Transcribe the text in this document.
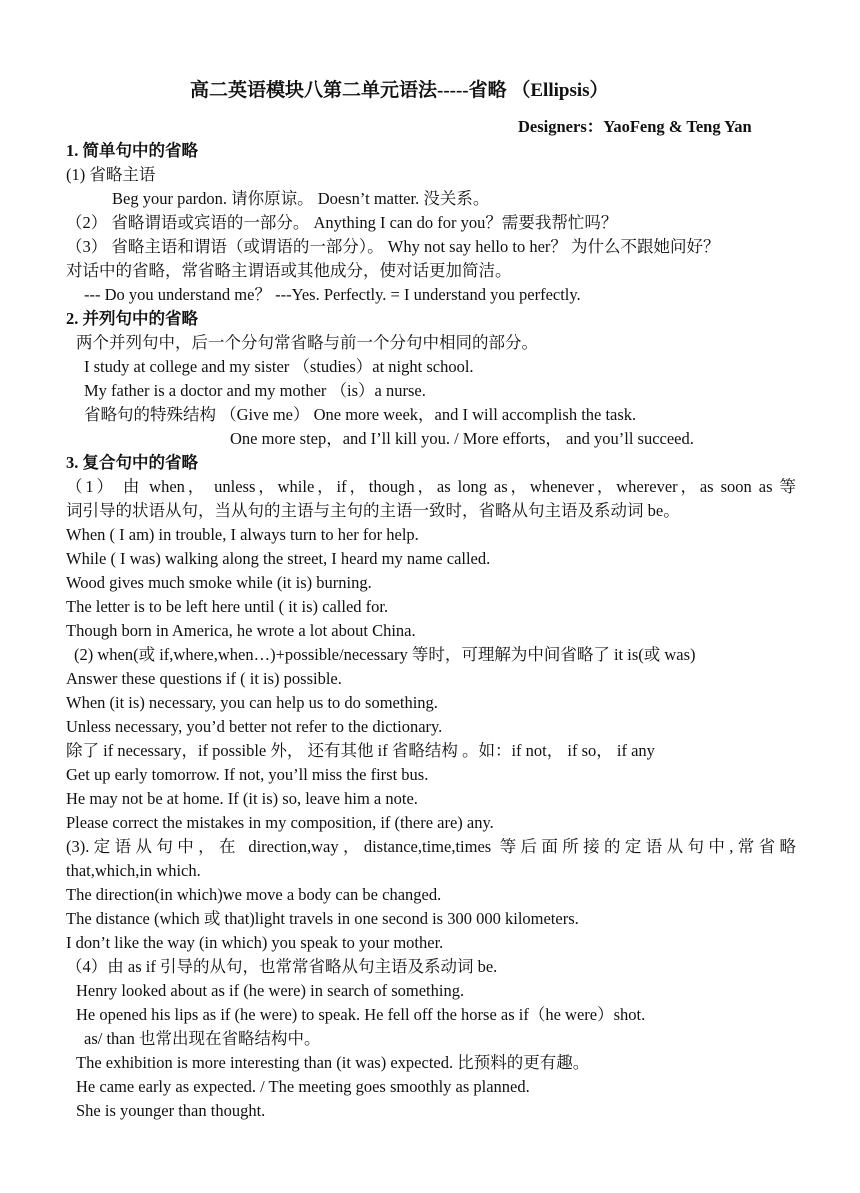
高二英语模块八第二单元语法-----省略 （Ellipsis）
Designers：YaoFeng & Teng Yan
1. 简单句中的省略
(1) 省略主语
Beg your pardon. 请你原谅。 Doesn’t matter. 没关系。
（2） 省略谓语或宾语的一部分。 Anything I can do for you？需要我帮忙吗？
（3） 省略主语和谓语（或谓语的一部分）。 Why not say hello to her？ 为什么不跟她问好？
对话中的省略，常省略主谓语或其他成分，使对话更加简洁。
--- Do you understand me？ ---Yes. Perfectly. = I understand you perfectly.
2. 并列句中的省略
两个并列句中，后一个分句常省略与前一个分句中相同的部分。
I study at college and my sister （studies）at night school.
My father is a doctor and my mother （is）a nurse.
省略句的特殊结构 （Give me） One more week，and I will accomplish the task.
One more step，and I’ll kill you. / More efforts， and you’ll succeed.
3. 复合句中的省略
（1） 由 when， unless，while，if，though，as long as，whenever，wherever，as soon as 等
词引导的状语从句，当从句的主语与主句的主语一致时，省略从句主语及系动词 be。
When ( I am) in trouble, I always turn to her for help.
While ( I was) walking along the street, I heard my name called.
Wood gives much smoke while (it is) burning.
The letter is to be left here until ( it is) called for.
Though born in America, he wrote a lot about China.
(2) when(或 if,where,when…)+possible/necessary 等时，可理解为中间省略了 it is(或 was)
Answer these questions if ( it is) possible.
When (it is) necessary, you can help us to do something.
Unless necessary, you’d better not refer to the dictionary.
除了 if necessary，if possible 外， 还有其他 if 省略结构 。如：if not， if so， if any
Get up early tomorrow. If not, you’ll miss the first bus.
He may not be at home. If (it is) so, leave him a note.
Please correct the mistakes in my composition, if (there are) any.
(3).定语从句中，在 direction,way，distance,time,times 等后面所接的定语从句中,常省略
that,which,in which.
The direction(in which)we move a body can be changed.
The distance (which 或 that)light travels in one second is 300 000 kilometers.
I don’t like the way (in which) you speak to your mother.
（4）由 as if 引导的从句，也常常省略从句主语及系动词 be.
Henry looked about as if (he were) in search of something.
He opened his lips as if (he were) to speak. He fell off the horse as if（he were）shot.
as/ than 也常出现在省略结构中。
The exhibition is more interesting than (it was) expected. 比预料的更有趣。
He came early as expected. / The meeting goes smoothly as planned.
She is younger than thought.
